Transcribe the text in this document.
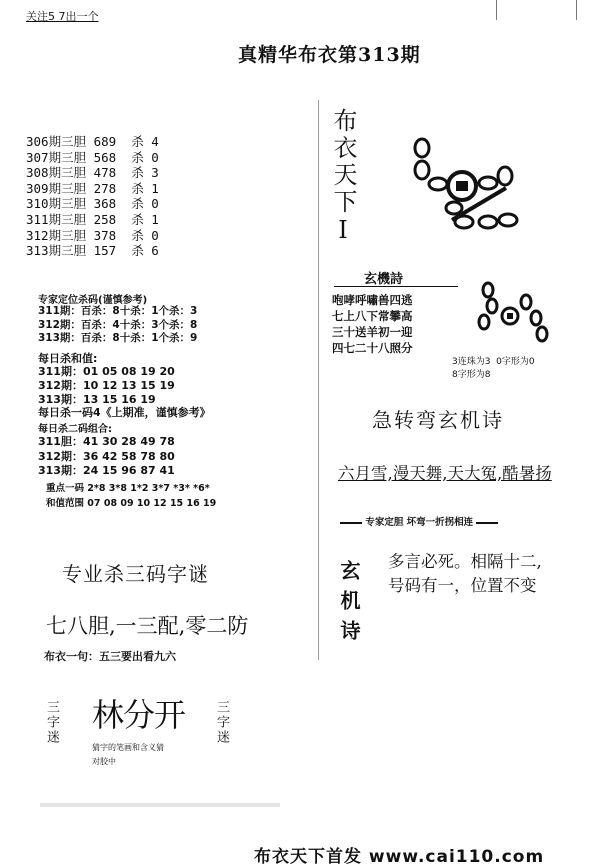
关注5 7出一个
真精华布衣第313期
306期三胆 689  杀 4
307期三胆 568  杀 0
308期三胆 478  杀 3
309期三胆 278  杀 1
310期三胆 368  杀 0
311期三胆 258  杀 1
312期三胆 378  杀 0
313期三胆 157  杀 6
专家定位杀码(谨慎参考)
311期：百杀：8十杀：1个杀：3
312期：百杀：4十杀：3个杀：8
313期：百杀：8十杀：1个杀：9
每日杀和值:
311期：01 05 08 19 20
312期：10 12 13 15 19
313期：13 15 16 19
每日杀一码4《上期准，谨慎参考》
每日杀二码组合:
311胆：41 30 28 49 78
312期：36 42 58 78 80
313期：24 15 96 87 41
重点一码 2*8 3*8 1*2 3*7 *3* *6*
和值范围 07 08 09 10 12 15 16 19
专业杀三码字谜
七八胆,一三配,零二防
布衣一句：五三要出看九六
三字迷 林分开 三字迷
猜字的笔画和含义猜
对胶中
布衣天下I
玄機詩
咆哮呼嘯兽四逃
七上八下常攀高
三十送羊初一迎
四七二十八照分
3连珠为3  0字形为0
8字形为8
急转弯玄机诗
六月雪,漫天舞,天大冤,酷暑扬
专家定胆 坏弯一折拐相连
玄机诗 多言必死。相隔十二,
号码有一，位置不变
布衣天下首发 www.cai110.com
